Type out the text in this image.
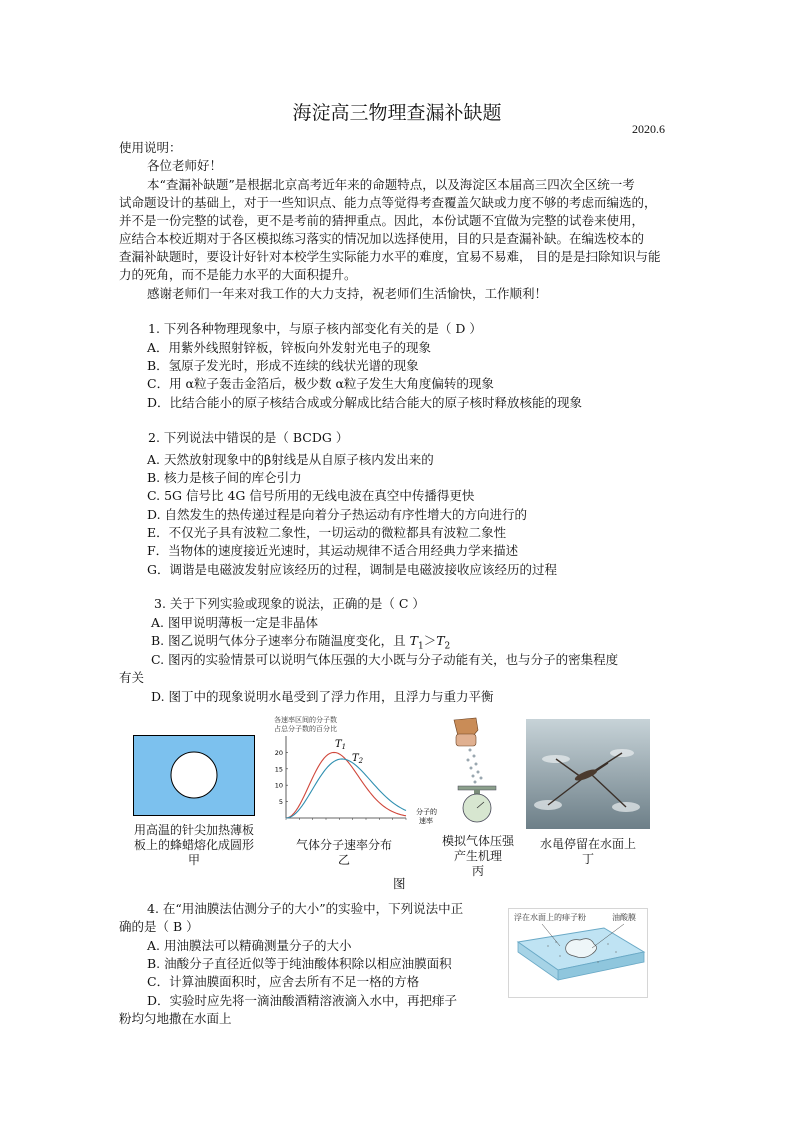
海淀高三物理查漏补缺题
2020.6
使用说明：
各位老师好！
本“查漏补缺题”是根据北京高考近年来的命题特点，以及海淀区本届高三四次全区统一考
试命题设计的基础上，对于一些知识点、能力点等觉得考查覆盖欠缺或力度不够的考虑而编选的，
并不是一份完整的试卷，更不是考前的猜押重点。因此，本份试题不宜做为完整的试卷来使用，
应结合本校近期对于各区模拟练习落实的情况加以选择使用，目的只是查漏补缺。在编选校本的
查漏补缺题时，要设计好针对本校学生实际能力水平的难度，宜易不易难， 目的是是扫除知识与能
力的死角，而不是能力水平的大面积提升。
感谢老师们一年来对我工作的大力支持，祝老师们生活愉快，工作顺利！
1. 下列各种物理现象中，与原子核内部变化有关的是（ D ）
A．用紫外线照射锌板，锌板向外发射光电子的现象
B．氢原子发光时，形成不连续的线状光谱的现象
C．用 α粒子轰击金箔后，极少数 α粒子发生大角度偏转的现象
D．比结合能小的原子核结合成或分解成比结合能大的原子核时释放核能的现象
2. 下列说法中错误的是（ BCDG ）
A. 天然放射现象中的β射线是从自原子核内发出来的
B. 核力是核子间的库仑引力
C. 5G 信号比 4G 信号所用的无线电波在真空中传播得更快
D. 自然发生的热传递过程是向着分子热运动有序性增大的方向进行的
E．不仅光子具有波粒二象性，一切运动的微粒都具有波粒二象性
F．当物体的速度接近光速时，其运动规律不适合用经典力学来描述
G．调谐是电磁波发射应该经历的过程，调制是电磁波接收应该经历的过程
3. 关于下列实验或现象的说法，正确的是（ C ）
A. 图甲说明薄板一定是非晶体
B. 图乙说明气体分子速率分布随温度变化，且 $T_1>T_2$
C. 图丙的实验情景可以说明气体压强的大小既与分子动能有关，也与分子的密集程度
有关
D. 图丁中的现象说明水黾受到了浮力作用，且浮力与重力平衡
用高温的针尖加热薄板
板上的蜂蜡熔化成圆形
甲
各速率区间的分子数
占总分子数的百分比
20
15
10
5
$T_1$
$T_2$
分子的
速率
气体分子速率分布
乙
模拟气体压强
产生机理
丙
水黾停留在水面上
丁
图
4. 在“用油膜法估测分子的大小”的实验中，下列说法中正
确的是（ B ）
A. 用油膜法可以精确测量分子的大小
B. 油酸分子直径近似等于纯油酸体积除以相应油膜面积
C．计算油膜面积时，应舍去所有不足一格的方格
D．实验时应先将一滴油酸酒精溶液滴入水中，再把痱子
粉均匀地撒在水面上
浮在水面上的痱子粉	油酸膜
